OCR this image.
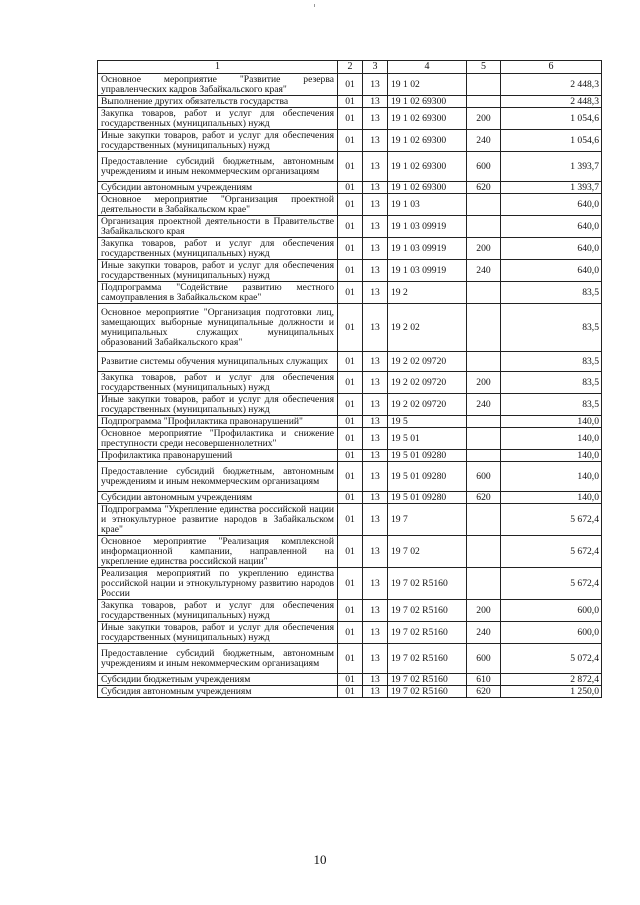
1	2	3	4	5	6
Основное мероприятие "Развитие резерва управленческих кадров Забайкальского края"	01	13	19 1 02		2 448,3
Выполнение других обязательств государства	01	13	19 1 02 69300		2 448,3
Закупка товаров, работ и услуг для обеспечения государственных (муниципальных) нужд	01	13	19 1 02 69300	200	1 054,6
Иные закупки товаров, работ и услуг для обеспечения государственных (муниципальных) нужд	01	13	19 1 02 69300	240	1 054,6
Предоставление субсидий бюджетным, автономным учреждениям и иным некоммерческим организациям	01	13	19 1 02 69300	600	1 393,7
Субсидии автономным учреждениям	01	13	19 1 02 69300	620	1 393,7
Основное мероприятие "Организация проектной деятельности в Забайкальском крае"	01	13	19 1 03		640,0
Организация проектной деятельности в Правительстве Забайкальского края	01	13	19 1 03 09919		640,0
Закупка товаров, работ и услуг для обеспечения государственных (муниципальных) нужд	01	13	19 1 03 09919	200	640,0
Иные закупки товаров, работ и услуг для обеспечения государственных (муниципальных) нужд	01	13	19 1 03 09919	240	640,0
Подпрограмма "Содействие развитию местного самоуправления в Забайкальском крае"	01	13	19 2		83,5
Основное мероприятие "Организация подготовки лиц, замещающих выборные муниципальные должности и муниципальных служащих муниципальных образований Забайкальского края"	01	13	19 2 02		83,5
Развитие системы обучения муниципальных служащих	01	13	19 2 02 09720		83,5
Закупка товаров, работ и услуг для обеспечения государственных (муниципальных) нужд	01	13	19 2 02 09720	200	83,5
Иные закупки товаров, работ и услуг для обеспечения государственных (муниципальных) нужд	01	13	19 2 02 09720	240	83,5
Подпрограмма "Профилактика правонарушений"	01	13	19 5		140,0
Основное мероприятие "Профилактика и снижение преступности среди несовершеннолетних"	01	13	19 5 01		140,0
Профилактика правонарушений	01	13	19 5 01 09280		140,0
Предоставление субсидий бюджетным, автономным учреждениям и иным некоммерческим организациям	01	13	19 5 01 09280	600	140,0
Субсидии автономным учреждениям	01	13	19 5 01 09280	620	140,0
Подпрограмма "Укрепление единства российской нации и этнокультурное развитие народов в Забайкальском крае"	01	13	19 7		5 672,4
Основное мероприятие "Реализация комплексной информационной кампании, направленной на укрепление единства российской нации"	01	13	19 7 02		5 672,4
Реализация мероприятий по укреплению единства российской нации и этнокультурному развитию народов России	01	13	19 7 02 R5160		5 672,4
Закупка товаров, работ и услуг для обеспечения государственных (муниципальных) нужд	01	13	19 7 02 R5160	200	600,0
Иные закупки товаров, работ и услуг для обеспечения государственных (муниципальных) нужд	01	13	19 7 02 R5160	240	600,0
Предоставление субсидий бюджетным, автономным учреждениям и иным некоммерческим организациям	01	13	19 7 02 R5160	600	5 072,4
Субсидии бюджетным учреждениям	01	13	19 7 02 R5160	610	2 872,4
Субсидия автономным учреждениям	01	13	19 7 02 R5160	620	1 250,0
10
